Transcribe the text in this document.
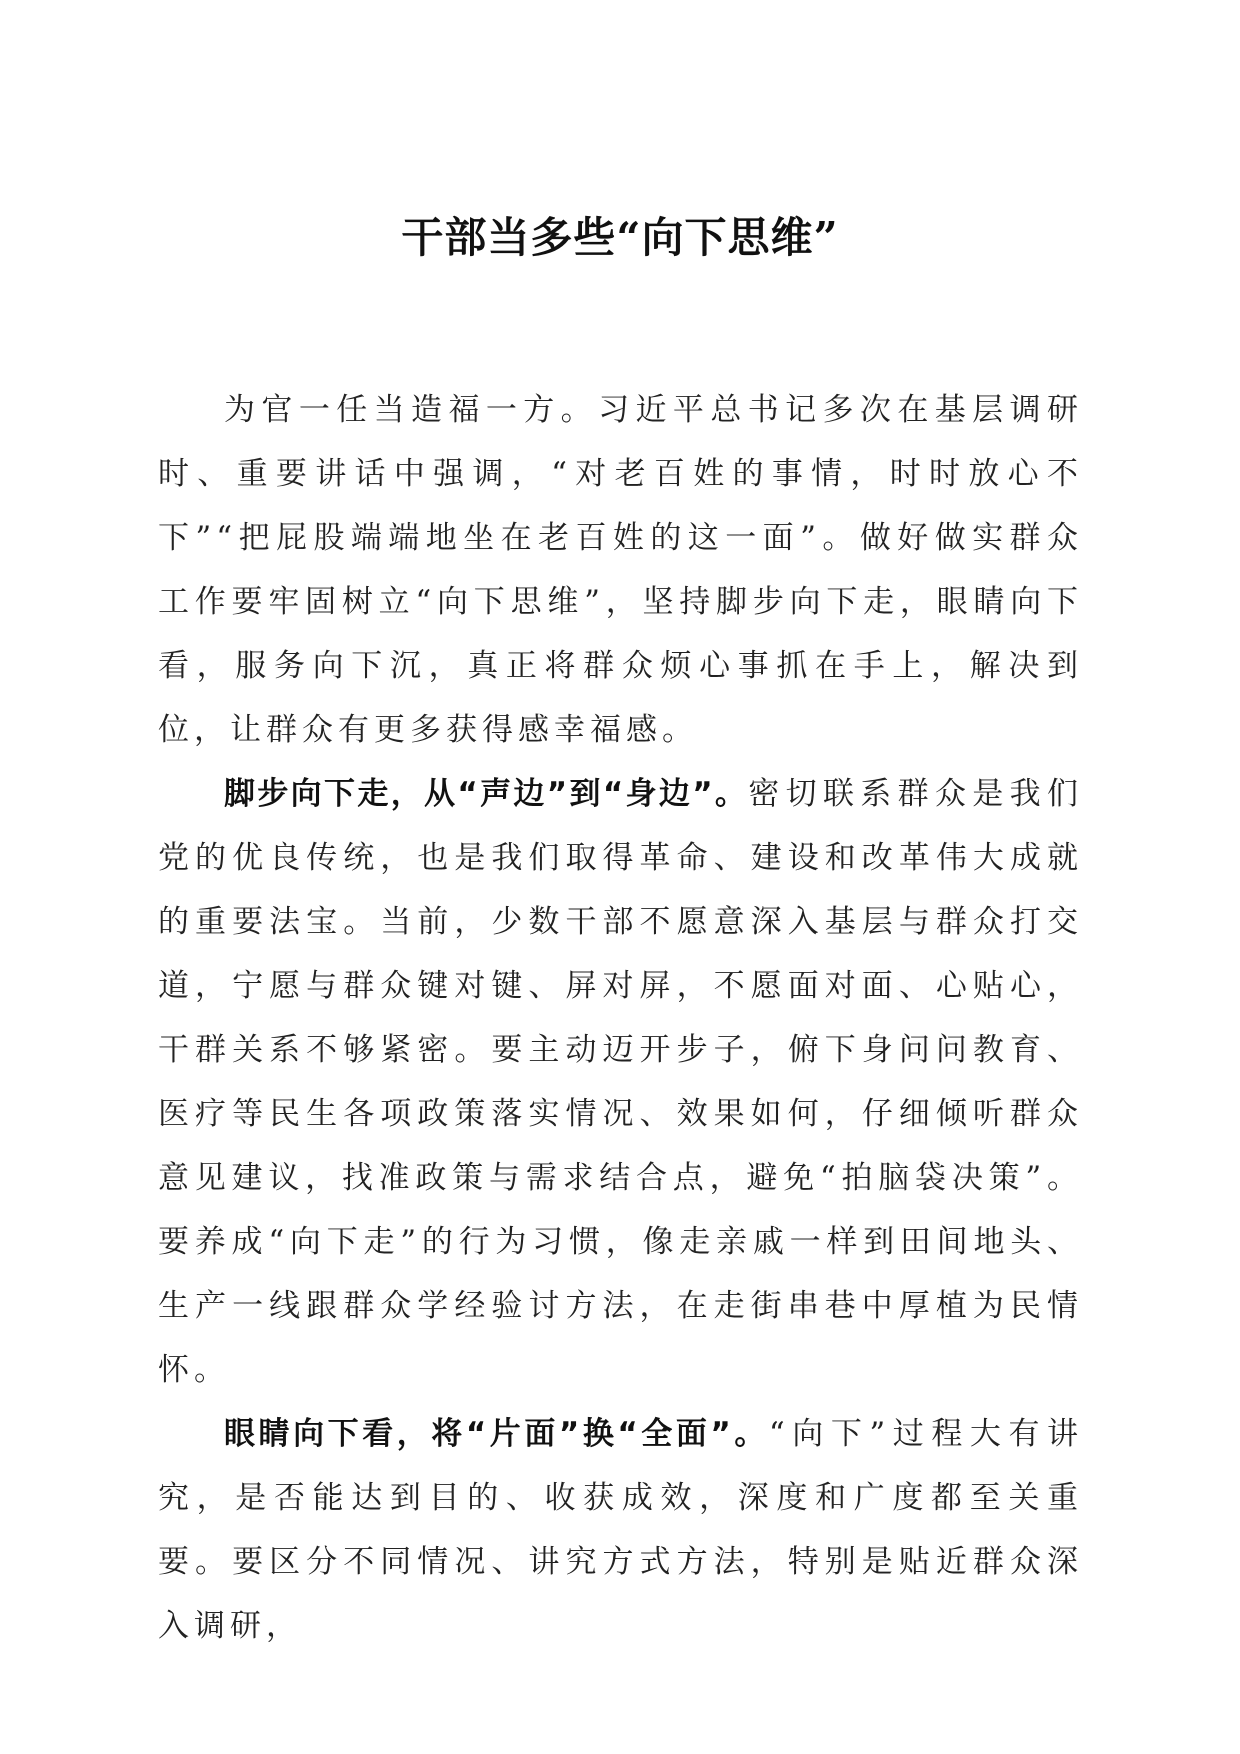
干部当多些“向下思维”

为官一任当造福一方。习近平总书记多次在基层调研时、重要讲话中强调，“对老百姓的事情，时时放心不下”“把屁股端端地坐在老百姓的这一面”。做好做实群众工作要牢固树立“向下思维”，坚持脚步向下走，眼睛向下看，服务向下沉，真正将群众烦心事抓在手上，解决到位，让群众有更多获得感幸福感。

脚步向下走，从“声边”到“身边”。密切联系群众是我们党的优良传统，也是我们取得革命、建设和改革伟大成就的重要法宝。当前，少数干部不愿意深入基层与群众打交道，宁愿与群众键对键、屏对屏，不愿面对面、心贴心，干群关系不够紧密。要主动迈开步子，俯下身问问教育、医疗等民生各项政策落实情况、效果如何，仔细倾听群众意见建议，找准政策与需求结合点，避免“拍脑袋决策”。要养成“向下走”的行为习惯，像走亲戚一样到田间地头、生产一线跟群众学经验讨方法，在走街串巷中厚植为民情怀。

眼睛向下看，将“片面”换“全面”。“向下”过程大有讲究，是否能达到目的、收获成效，深度和广度都至关重要。要区分不同情况、讲究方式方法，特别是贴近群众深入调研，
